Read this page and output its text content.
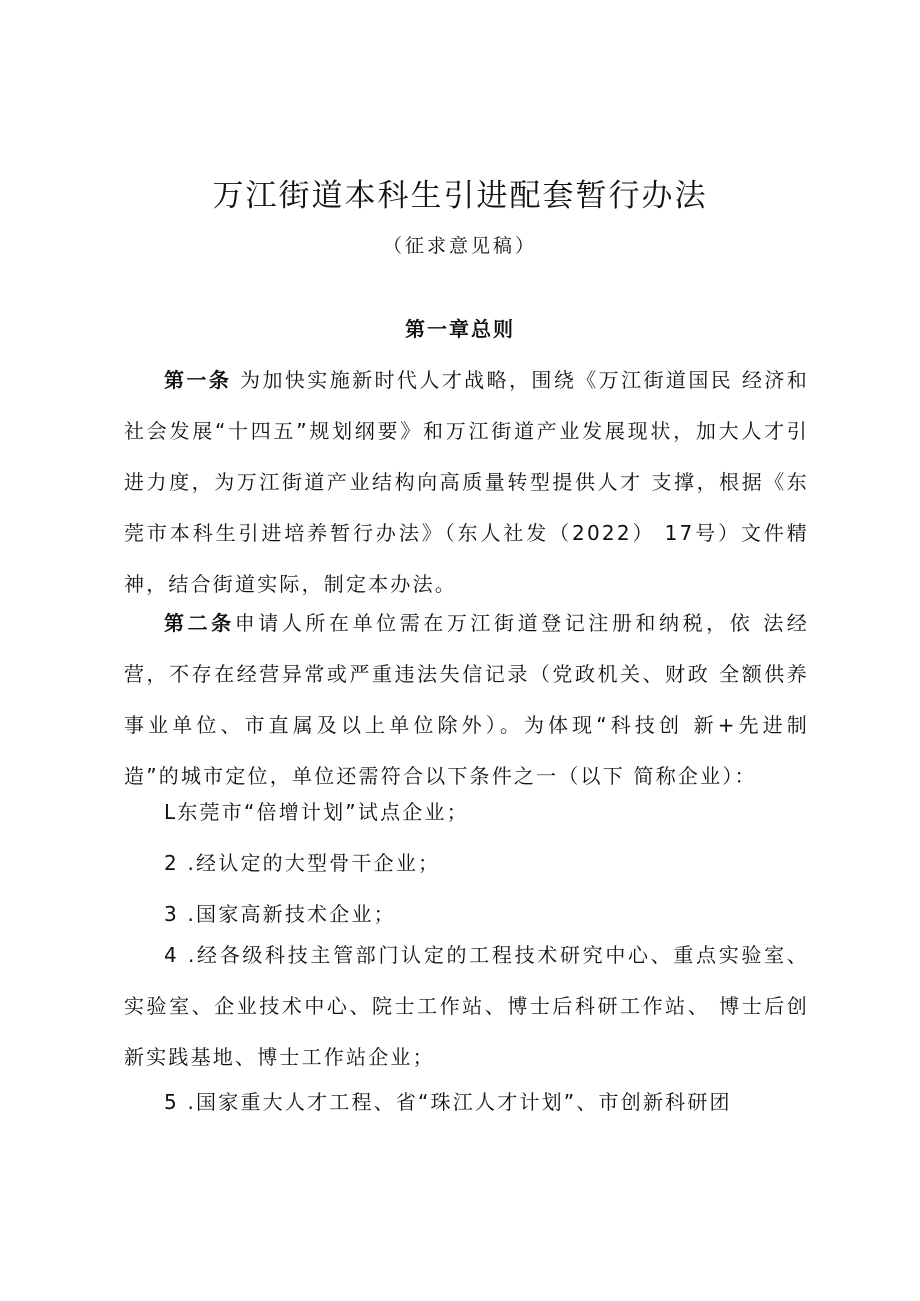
万江街道本科生引进配套暂行办法
（征求意见稿）
第一章总则
第一条 为加快实施新时代人才战略，围绕《万江街道国民 经济和社会发展“十四五”规划纲要》和万江街道产业发展现状，加大人才引进力度，为万江街道产业结构向高质量转型提供人才 支撑，根据《东莞市本科生引进培养暂行办法》（东人社发（2022） 17号）文件精神，结合街道实际，制定本办法。
第二条申请人所在单位需在万江街道登记注册和纳税，依 法经营，不存在经营异常或严重违法失信记录（党政机关、财政 全额供养事业单位、市直属及以上单位除外）。为体现“科技创 新+先进制造”的城市定位，单位还需符合以下条件之一（以下 简称企业）：
L东莞市“倍增计划”试点企业；
2 .经认定的大型骨干企业；
3 .国家高新技术企业；
4 .经各级科技主管部门认定的工程技术研究中心、重点实验室、实验室、企业技术中心、院士工作站、博士后科研工作站、 博士后创新实践基地、博士工作站企业；
5 .国家重大人才工程、省“珠江人才计划”、市创新科研团
